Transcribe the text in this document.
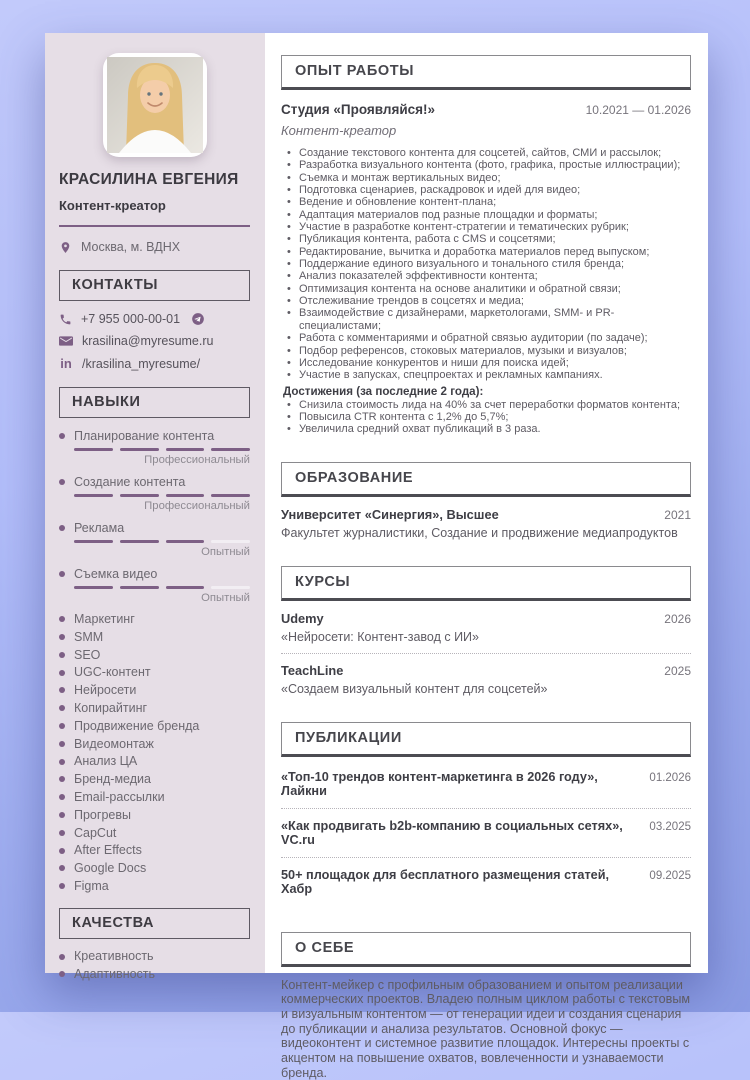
КРАСИЛИНА ЕВГЕНИЯ
Контент-креатор
Москва, м. ВДНХ
КОНТАКТЫ
+7 955 000-00-01
krasilina@myresume.ru
in /krasilina_myresume/
НАВЫКИ
Планирование контента
Профессиональный
Создание контента
Профессиональный
Реклама
Опытный
Съемка видео
Опытный
Маркетинг
SMM
SEO
UGC-контент
Нейросети
Копирайтинг
Продвижение бренда
Видеомонтаж
Анализ ЦА
Бренд-медиа
Email-рассылки
Прогревы
CapCut
After Effects
Google Docs
Figma
КАЧЕСТВА
Креативность
Адаптивность
ОПЫТ РАБОТЫ
Студия «Проявляйся!»	10.2021 — 01.2026
Контент-креатор
• Создание текстового контента для соцсетей, сайтов, СМИ и рассылок;
• Разработка визуального контента (фото, графика, простые иллюстрации);
• Съемка и монтаж вертикальных видео;
• Подготовка сценариев, раскадровок и идей для видео;
• Ведение и обновление контент-плана;
• Адаптация материалов под разные площадки и форматы;
• Участие в разработке контент-стратегии и тематических рубрик;
• Публикация контента, работа с CMS и соцсетями;
• Редактирование, вычитка и доработка материалов перед выпуском;
• Поддержание единого визуального и тонального стиля бренда;
• Анализ показателей эффективности контента;
• Оптимизация контента на основе аналитики и обратной связи;
• Отслеживание трендов в соцсетях и медиа;
• Взаимодействие с дизайнерами, маркетологами, SMM- и PR-специалистами;
• Работа с комментариями и обратной связью аудитории (по задаче);
• Подбор референсов, стоковых материалов, музыки и визуалов;
• Исследование конкурентов и ниши для поиска идей;
• Участие в запусках, спецпроектах и рекламных кампаниях.
Достижения (за последние 2 года):
• Снизила стоимость лида на 40% за счет переработки форматов контента;
• Повысила CTR контента с 1,2% до 5,7%;
• Увеличила средний охват публикаций в 3 раза.
ОБРАЗОВАНИЕ
Университет «Синергия», Высшее	2021
Факультет журналистики, Создание и продвижение медиапродуктов
КУРСЫ
Udemy	2026
«Нейросети: Контент-завод с ИИ»
TeachLine	2025
«Создаем визуальный контент для соцсетей»
ПУБЛИКАЦИИ
«Топ-10 трендов контент-маркетинга в 2026 году», Лайкни
01.2026
«Как продвигать b2b-компанию в социальных сетях», VC.ru
03.2025
50+ площадок для бесплатного размещения статей, Хабр
09.2025
О СЕБЕ

Контент-мейкер с профильным образованием и опытом реализации коммерческих проектов. Владею полным циклом работы с текстовым и визуальным контентом — от генерации идеи и создания сценария до публикации и анализа результатов. Основной фокус — видеоконтент и системное развитие площадок. Интересны проекты с акцентом на повышение охватов, вовлеченности и узнаваемости бренда.
